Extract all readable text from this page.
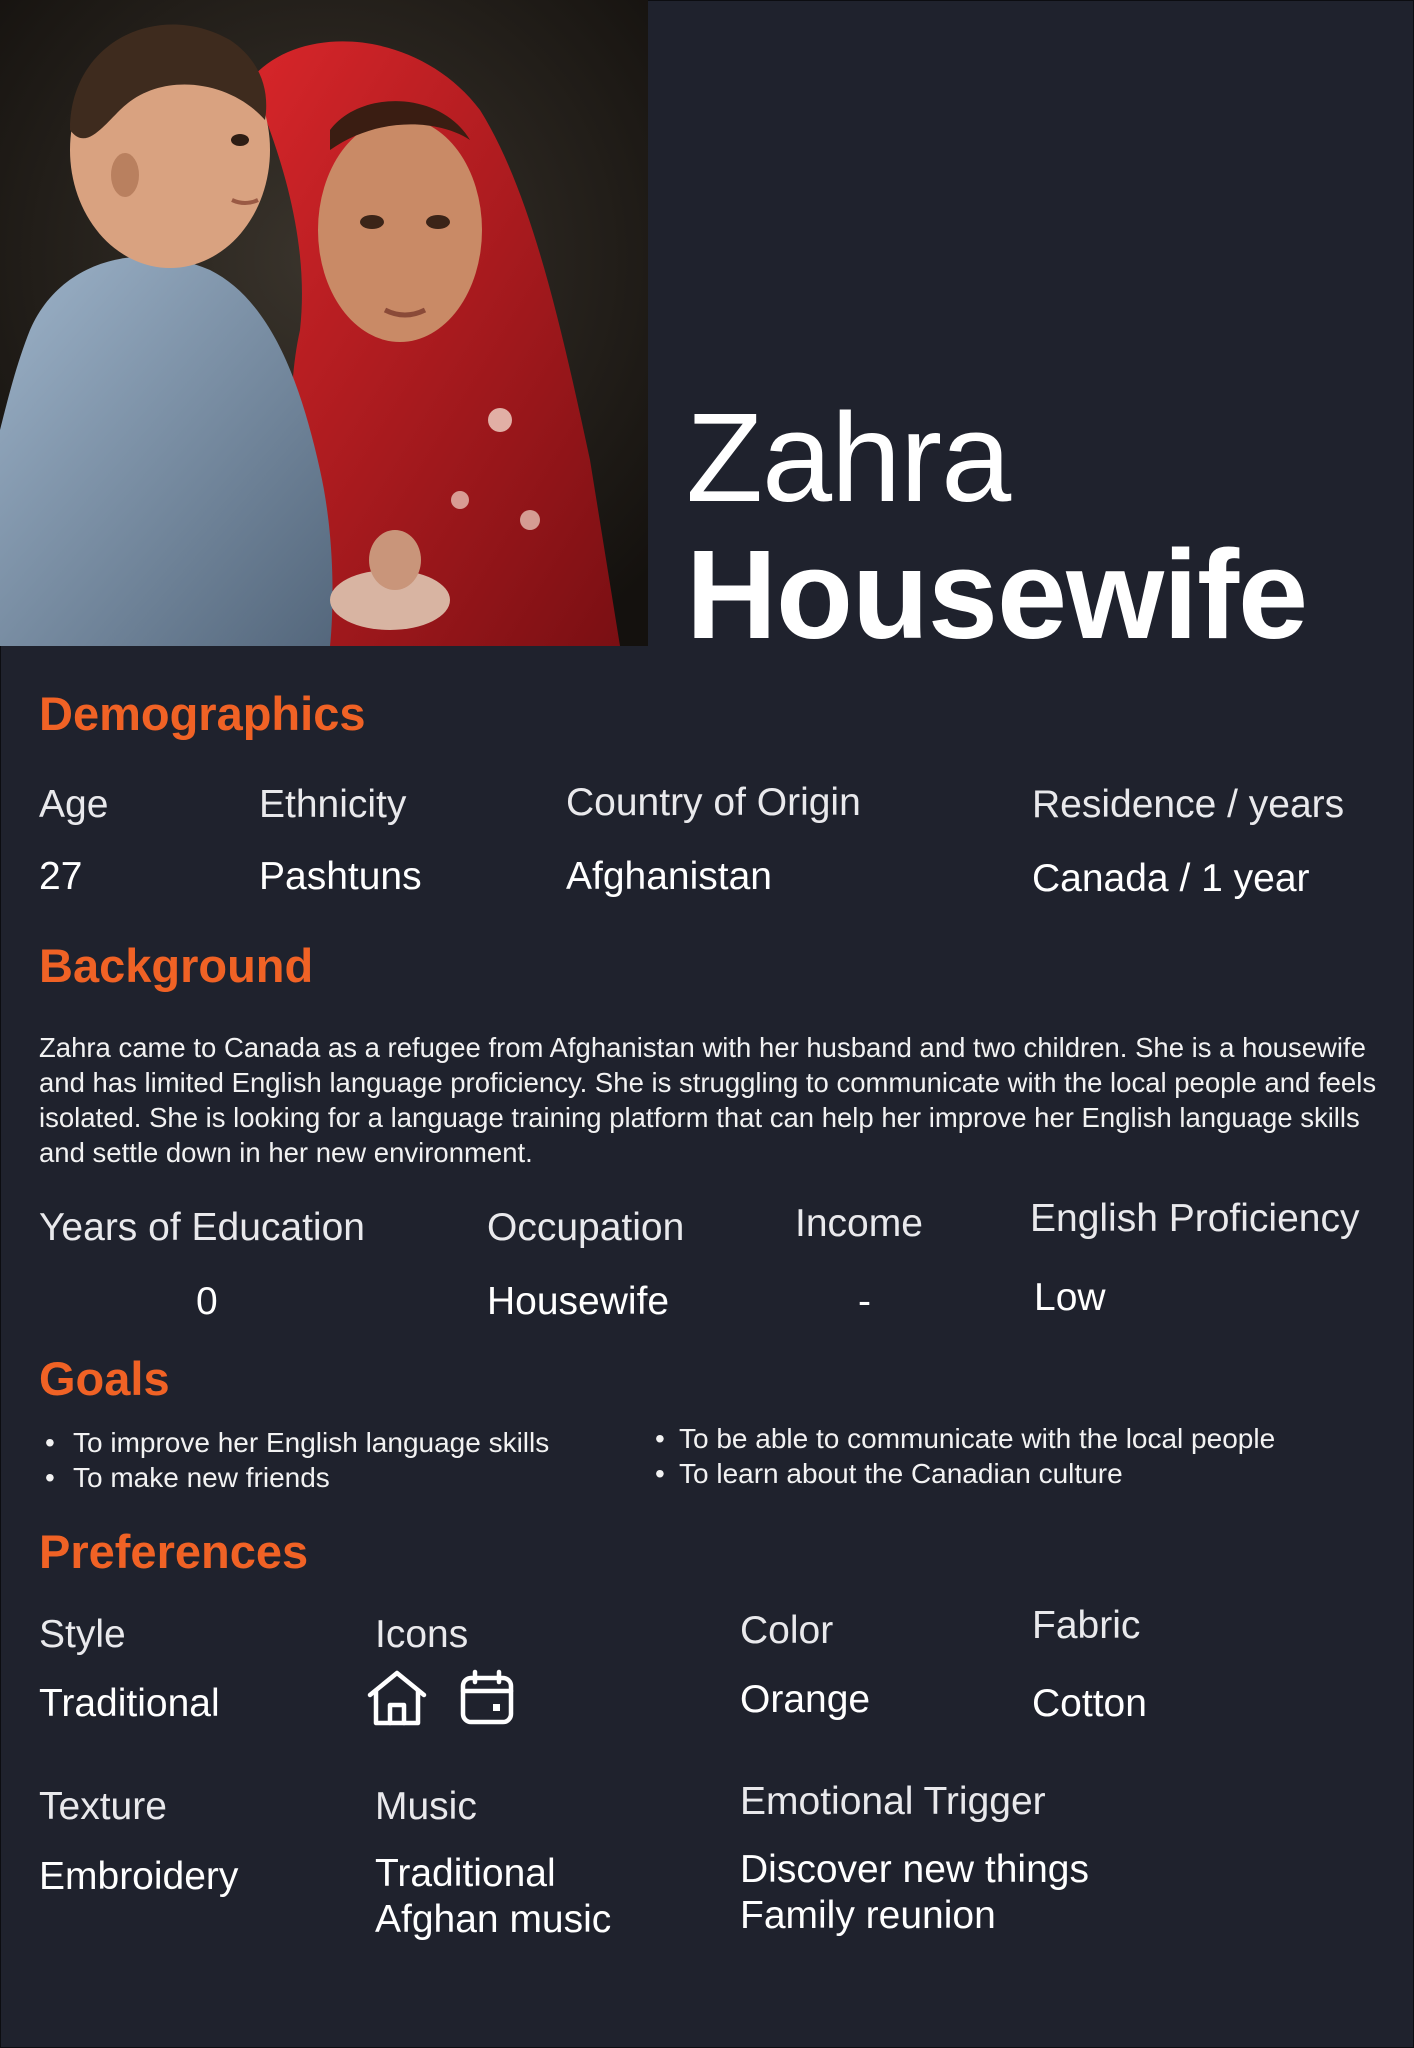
Zahra
Housewife
Demographics
Age
27
Ethnicity
Pashtuns
Country of Origin
Afghanistan
Residence / years
Canada / 1 year
Background
Zahra came to Canada as a refugee from Afghanistan with her husband and two children. She is a housewife and has limited English language proficiency. She is struggling to communicate with the local people and feels isolated. She is looking for a language training platform that can help her improve her English language skills and settle down in her new environment.
Years of Education
0
Occupation
Housewife
Income
-
English Proficiency
Low
Goals
• To improve her English language skills
• To make new friends
• To be able to communicate with the local people
• To learn about the Canadian culture
Preferences
Style
Traditional
Icons	Color
Orange
Fabric
Cotton
Texture
Embroidery
Music
Traditional
Afghan music
Emotional Trigger
Discover new things
Family reunion
